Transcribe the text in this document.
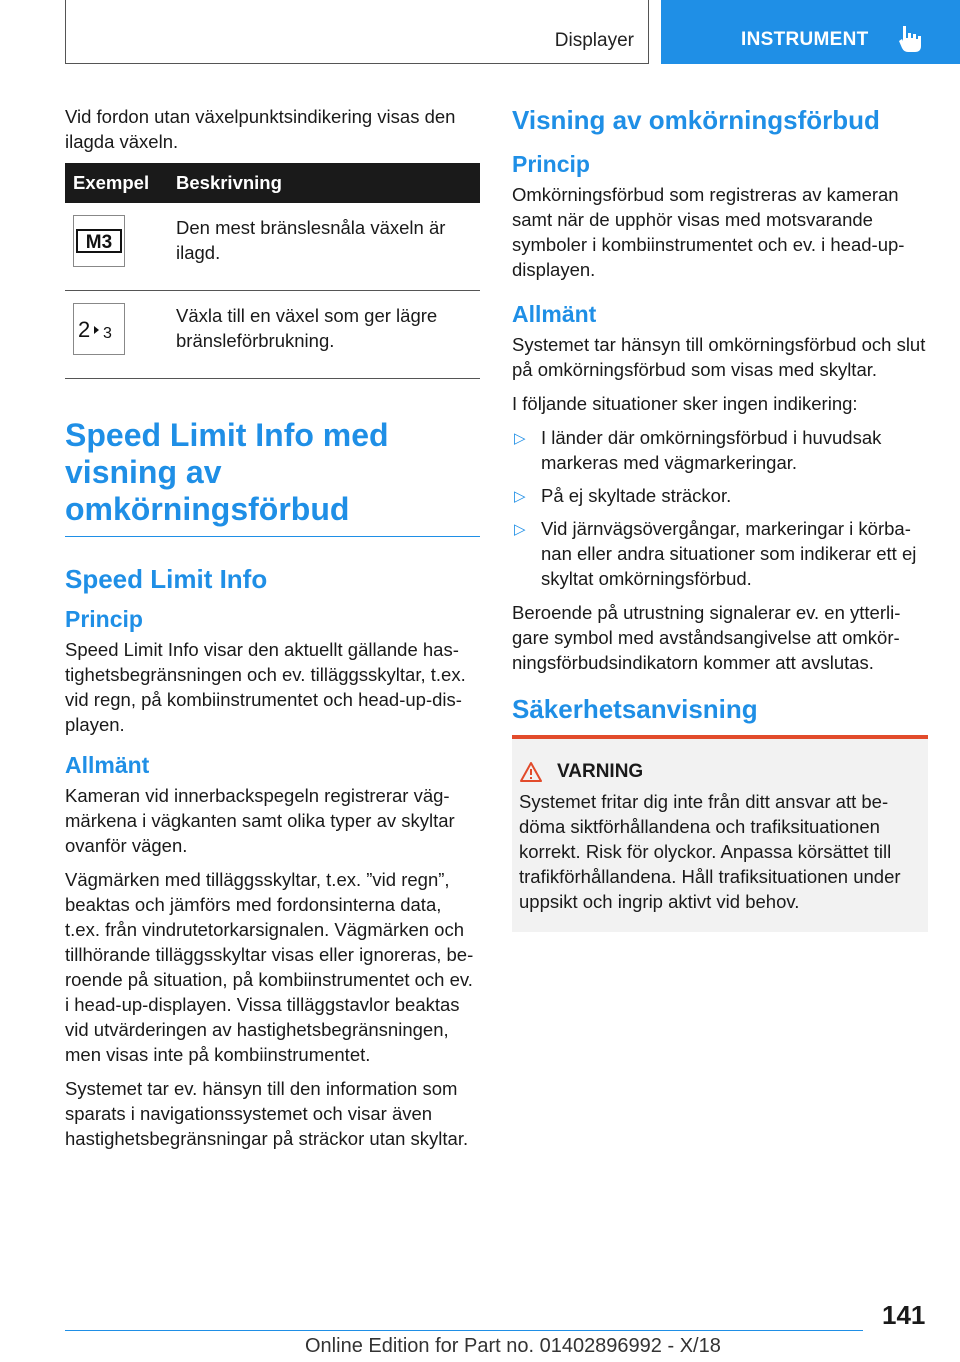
Displayer	INSTRUMENT

Vid fordon utan växelpunktsindikering visas den ilagda växeln.

Exempel	Beskrivning

M3	Den mest bränslesnåla växeln är ilagd.

2 3	Växla till en växel som ger lägre bränsleförbrukning.
Speed Limit Info med visning av omkörningsförbud
Speed Limit Info
Princip

Speed Limit Info visar den aktuellt gällande hastighetsbegränsningen och ev. tilläggsskyltar, t.ex. vid regn, på kombiinstrumentet och head-up-displayen.

Allmänt

Kameran vid innerbackspegeln registrerar vägmärkena i vägkanten samt olika typer av skyltar ovanför vägen.

Vägmärken med tilläggsskyltar, t.ex. ”vid regn”, beaktas och jämförs med fordonsinterna data, t.ex. från vindrutetorkarsignalen. Vägmärken och tillhörande tilläggsskyltar visas eller ignoreras, beroende på situation, på kombiinstrumentet och ev. i head-up-displayen. Vissa tilläggstavlor beaktas vid utvärderingen av hastighetsbegränsningen, men visas inte på kombiinstrumentet.

Systemet tar ev. hänsyn till den information som sparats i navigationssystemet och visar även hastighetsbegränsningar på sträckor utan skyltar.

Visning av omkörningsförbud
Princip

Omkörningsförbud som registreras av kameran samt när de upphör visas med motsvarande symboler i kombiinstrumentet och ev. i head-up-displayen.

Allmänt

Systemet tar hänsyn till omkörningsförbud och slut på omkörningsförbud som visas med skyltar.

I följande situationer sker ingen indikering:

▷ I länder där omkörningsförbud i huvudsak markeras med vägmarkeringar.
▷ På ej skyltade sträckor.
▷ Vid järnvägsövergångar, markeringar i körbanan eller andra situationer som indikerar ett ej skyltat omkörningsförbud.

Beroende på utrustning signalerar ev. en ytterligare symbol med avståndsangivelse att omkörningsförbudsindikatorn kommer att avslutas.

Säkerhetsanvisning
VARNING

Systemet fritar dig inte från ditt ansvar att bedöma siktförhållandena och trafiksituationen korrekt. Risk för olyckor. Anpassa körsättet till trafikförhållandena. Håll trafiksituationen under uppsikt och ingrip aktivt vid behov.

141
Online Edition for Part no. 01402896992 - X/18
